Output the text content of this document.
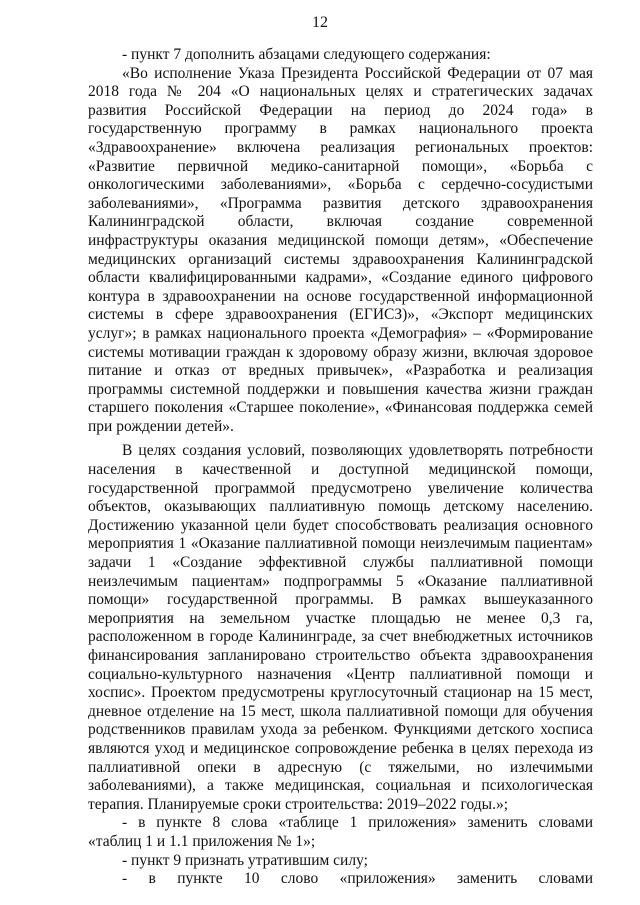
12
- пункт 7 дополнить абзацами следующего содержания:
«Во исполнение Указа Президента Российской Федерации от 07 мая
2018 года № 204 «О национальных целях и стратегических задачах
развития Российской Федерации на период до 2024 года» в
государственную программу в рамках национального проекта
«Здравоохранение» включена реализация региональных проектов:
«Развитие первичной медико-санитарной помощи», «Борьба с
онкологическими заболеваниями», «Борьба с сердечно-сосудистыми
заболеваниями», «Программа развития детского здравоохранения
Калининградской области, включая создание современной
инфраструктуры оказания медицинской помощи детям», «Обеспечение
медицинских организаций системы здравоохранения Калининградской
области квалифицированными кадрами», «Создание единого цифрового
контура в здравоохранении на основе государственной информационной
системы в сфере здравоохранения (ЕГИСЗ)», «Экспорт медицинских
услуг»; в рамках национального проекта «Демография» – «Формирование
системы мотивации граждан к здоровому образу жизни, включая здоровое
питание и отказ от вредных привычек», «Разработка и реализация
программы системной поддержки и повышения качества жизни граждан
старшего поколения «Старшее поколение», «Финансовая поддержка семей
при рождении детей».
В целях создания условий, позволяющих удовлетворять потребности
населения в качественной и доступной медицинской помощи,
государственной программой предусмотрено увеличение количества
объектов, оказывающих паллиативную помощь детскому населению.
Достижению указанной цели будет способствовать реализация основного
мероприятия 1 «Оказание паллиативной помощи неизлечимым пациентам»
задачи 1 «Создание эффективной службы паллиативной помощи
неизлечимым пациентам» подпрограммы 5 «Оказание паллиативной
помощи» государственной программы. В рамках вышеуказанного
мероприятия на земельном участке площадью не менее 0,3 га,
расположенном в городе Калининграде, за счет внебюджетных источников
финансирования запланировано строительство объекта здравоохранения
социально-культурного назначения «Центр паллиативной помощи и
хоспис». Проектом предусмотрены круглосуточный стационар на 15 мест,
дневное отделение на 15 мест, школа паллиативной помощи для обучения
родственников правилам ухода за ребенком. Функциями детского хосписа
являются уход и медицинское сопровождение ребенка в целях перехода из
паллиативной опеки в адресную (с тяжелыми, но излечимыми
заболеваниями), а также медицинская, социальная и психологическая
терапия. Планируемые сроки строительства: 2019–2022 годы.»;
- в пункте 8 слова «таблице 1 приложения» заменить словами
«таблиц 1 и 1.1 приложения № 1»;
- пункт 9 признать утратившим силу;
- в пункте 10 слово «приложения» заменить словами
